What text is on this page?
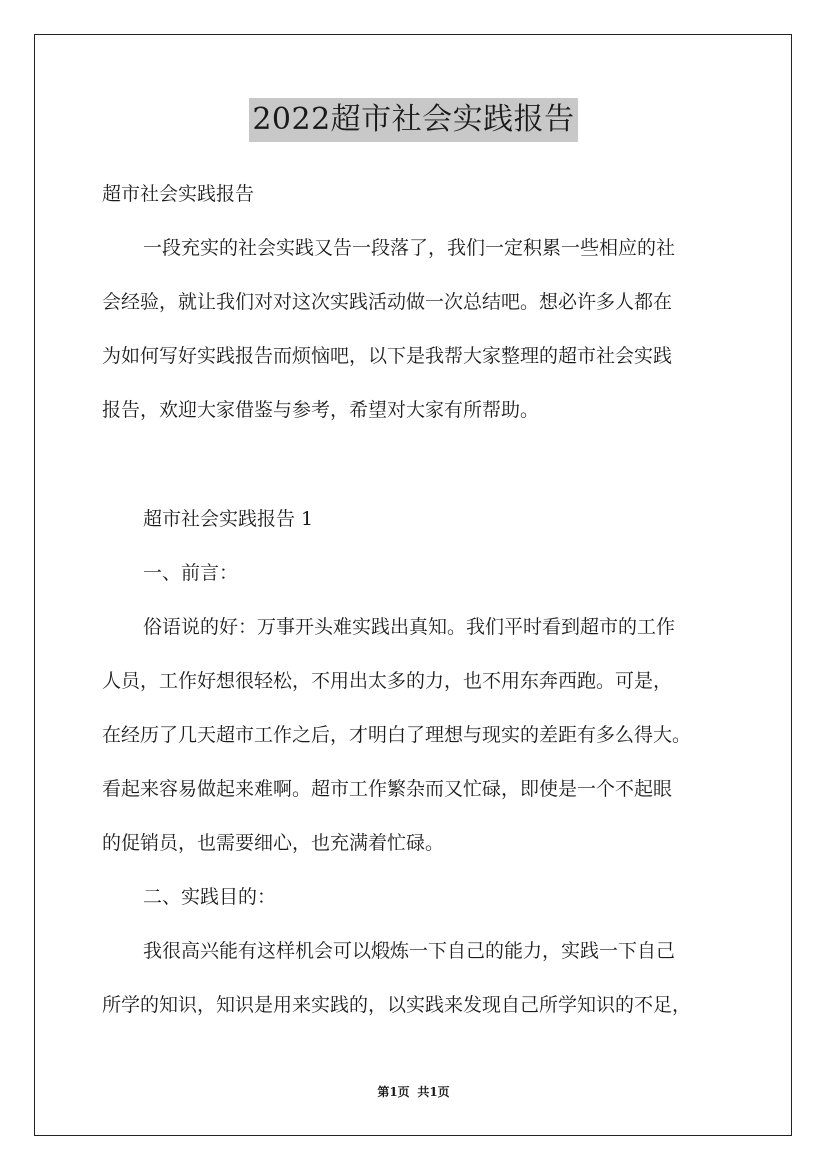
2022超市社会实践报告
超市社会实践报告
一段充实的社会实践又告一段落了，我们一定积累一些相应的社
会经验，就让我们对对这次实践活动做一次总结吧。想必许多人都在
为如何写好实践报告而烦恼吧，以下是我帮大家整理的超市社会实践
报告，欢迎大家借鉴与参考，希望对大家有所帮助。
超市社会实践报告 1
一、前言：
俗语说的好：万事开头难实践出真知。我们平时看到超市的工作
人员，工作好想很轻松，不用出太多的力，也不用东奔西跑。可是，
在经历了几天超市工作之后，才明白了理想与现实的差距有多么得大。
看起来容易做起来难啊。超市工作繁杂而又忙碌，即使是一个不起眼
的促销员，也需要细心，也充满着忙碌。
二、实践目的：
我很高兴能有这样机会可以煅炼一下自己的能力，实践一下自己
所学的知识，知识是用来实践的，以实践来发现自己所学知识的不足，
第1页 共1页
